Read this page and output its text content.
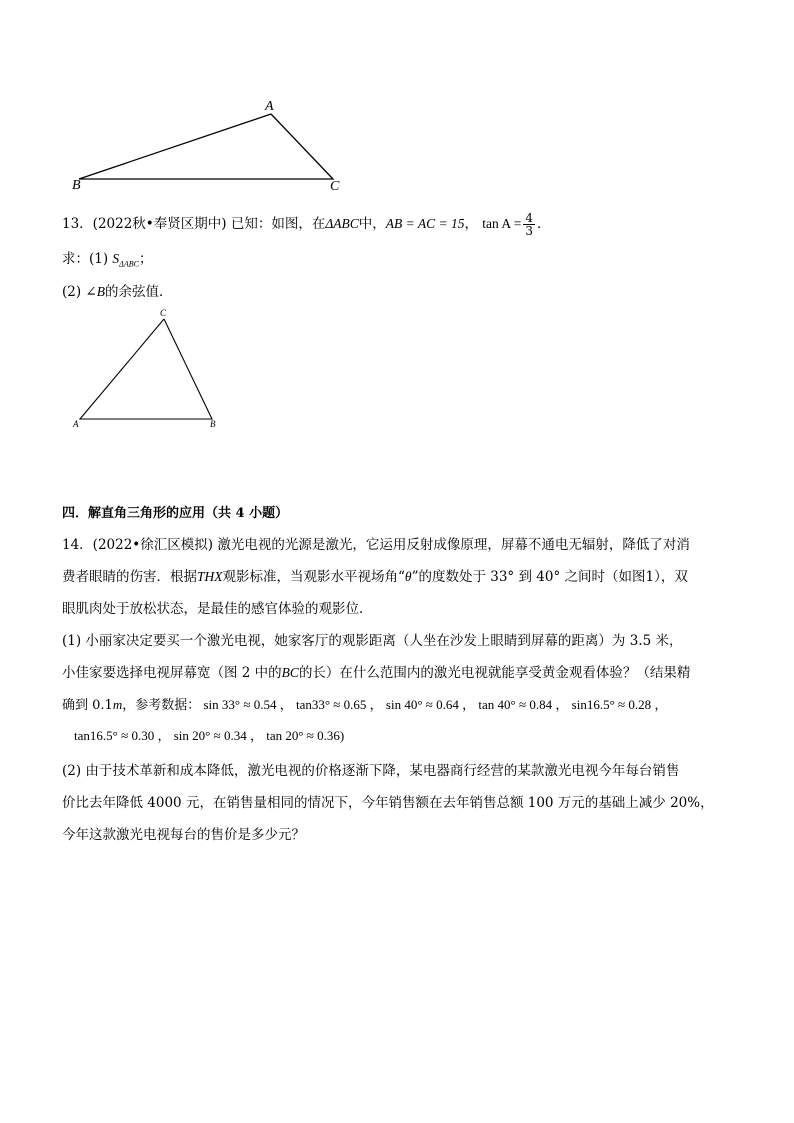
A
B	C
13．(2022秋•奉贤区期中) 已知：如图，在ΔABC中，AB = AC = 15， $\tan A = \frac{4}{3}$ ．
求：(1) $S_{\Delta ABC}$；
(2) ∠B的余弦值．
C
A	B
四．解直角三角形的应用（共 4 小题）
14．(2022•徐汇区模拟) 激光电视的光源是激光，它运用反射成像原理，屏幕不通电无辐射，降低了对消
费者眼睛的伤害．根据THX观影标准，当观影水平视场角“θ”的度数处于 33° 到 40° 之间时（如图1），双
眼肌肉处于放松状态，是最佳的感官体验的观影位．
(1) 小丽家决定要买一个激光电视，她家客厅的观影距离（人坐在沙发上眼睛到屏幕的距离）为 3.5 米，
小佳家要选择电视屏幕宽（图 2 中的BC的长）在什么范围内的激光电视就能享受黄金观看体验？（结果精
确到 0.1m，参考数据： sin 33° ≈ 0.54 ， tan33° ≈ 0.65 ， sin 40° ≈ 0.64 ， tan 40° ≈ 0.84 ， sin16.5° ≈ 0.28 ，
tan16.5° ≈ 0.30 ， sin 20° ≈ 0.34 ， tan 20° ≈ 0.36)
(2) 由于技术革新和成本降低，激光电视的价格逐渐下降，某电器商行经营的某款激光电视今年每台销售
价比去年降低 4000 元，在销售量相同的情况下，今年销售额在去年销售总额 100 万元的基础上减少 20%，
今年这款激光电视每台的售价是多少元？
